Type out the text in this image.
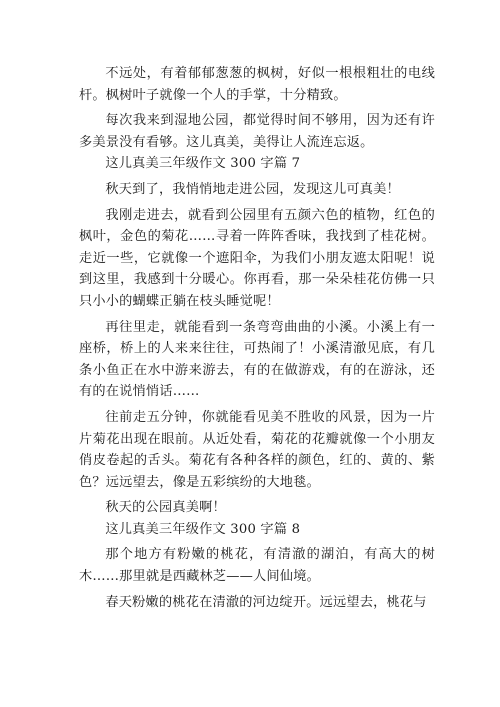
不远处，有着郁郁葱葱的枫树，好似一根根粗壮的电线杆。枫树叶子就像一个人的手掌，十分精致。

每次我来到湿地公园，都觉得时间不够用，因为还有许多美景没有看够。这儿真美，美得让人流连忘返。

这儿真美三年级作文 300 字篇 7

秋天到了，我悄悄地走进公园，发现这儿可真美！

我刚走进去，就看到公园里有五颜六色的植物，红色的枫叶，金色的菊花……寻着一阵阵香味，我找到了桂花树。走近一些，它就像一个遮阳伞，为我们小朋友遮太阳呢！说到这里，我感到十分暖心。你再看，那一朵朵桂花仿佛一只只小小的蝴蝶正躺在枝头睡觉呢！

再往里走，就能看到一条弯弯曲曲的小溪。小溪上有一座桥，桥上的人来来往往，可热闹了！小溪清澈见底，有几条小鱼正在水中游来游去，有的在做游戏，有的在游泳，还有的在说悄悄话……

往前走五分钟，你就能看见美不胜收的风景，因为一片片菊花出现在眼前。从近处看，菊花的花瓣就像一个小朋友俏皮卷起的舌头。菊花有各种各样的颜色，红的、黄的、紫色？远远望去，像是五彩缤纷的大地毯。

秋天的公园真美啊！

这儿真美三年级作文 300 字篇 8

那个地方有粉嫩的桃花，有清澈的湖泊，有高大的树木……那里就是西藏林芝——人间仙境。

春天粉嫩的桃花在清澈的河边绽开。远远望去，桃花与
